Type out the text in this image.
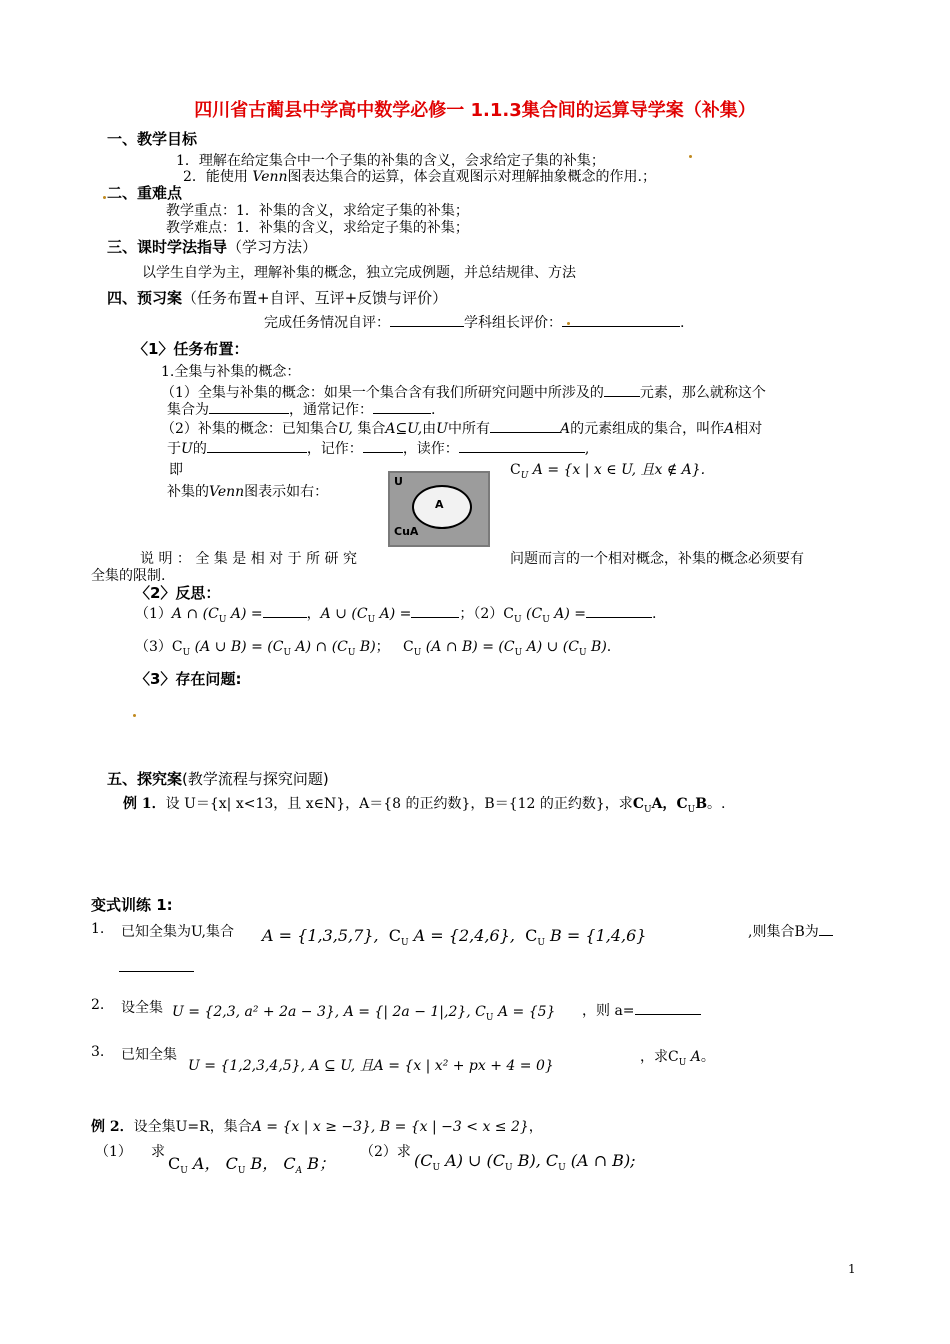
四川省古蔺县中学高中数学必修一 1.1.3集合间的运算导学案（补集）
一、教学目标
1．理解在给定集合中一个子集的补集的含义，会求给定子集的补集；
2．能使用 Venn图表达集合的运算，体会直观图示对理解抽象概念的作用.；
二、重难点
教学重点：1．补集的含义，求给定子集的补集；
教学难点：1．补集的含义，求给定子集的补集；
三、课时学法指导（学习方法）
以学生自学为主，理解补集的概念，独立完成例题，并总结规律、方法
四、预习案（任务布置+自评、互评+反馈与评价）
完成任务情况自评：	学科组长评价：	.
〈1〉任务布置：
1.全集与补集的概念：
（1）全集与补集的概念：如果一个集合含有我们所研究问题中所涉及的	元素，那么就称这个
集合为	，通常记作：	.
（2）补集的概念：已知集合U, 集合A⊆U,由U中所有	A的元素组成的集合，叫作A相对
于U的	，记作：	，读作：	,
即	$C_U$ A = {x | x ∈ U, 且x ∉ A}.
补集的Venn图表示如右：
U
A
CuA
说 明 ： 全 集 是 相 对 于 所 研 究	问题而言的一个相对概念，补集的概念必须要有
全集的限制.
〈2〉反思：
（1）A ∩ ($C_U$ A) =	，A ∪ ($C_U$ A) =	；$(2)C_U$ ($C_U$ A) =	.
$(3)C_U$ (A ∪ $B) = (C_U$ A) ∩ ($C_U$ B)； $C_U$ (A ∩ $B) = (C_U$ A) ∪ ($C_U$ B).
〈3〉存在问题:
五、探究案(教学流程与探究问题)
例 1．设 U＝{x| x<13，且 x∈N}，A＝{8 的正约数}，B＝{12 的正约数}，求$C_UA$，$C_UB$。.
变式训练 1:
1. 已知全集为U,集合 A = {1,3,5,7}, $C_U$ A = {2,4,6}, $C_U$ B = {1,4,6}	,则集合B为
2. 设全集 U = {2,3, a² + 2a − 3}, A = {| 2a − 1|,2}, $C_U$ A = {5} ，则 a=
3. 已知全集
U = {1,2,3,4,5}, A ⊆ U, 且A = {x | x² + px + 4 = 0}
，求$C_U$ A。
例 2．设全集U=R，集合A = {x | x ≥ −3}, B = {x | −3 < x ≤ 2}，
（1） 求
$C_U$ A， $C_U$ B， $C_A$ B；
（2）求 ($C_U$ A) ∪ ($C_U$ B), $C_U$ (A ∩ B);
1
